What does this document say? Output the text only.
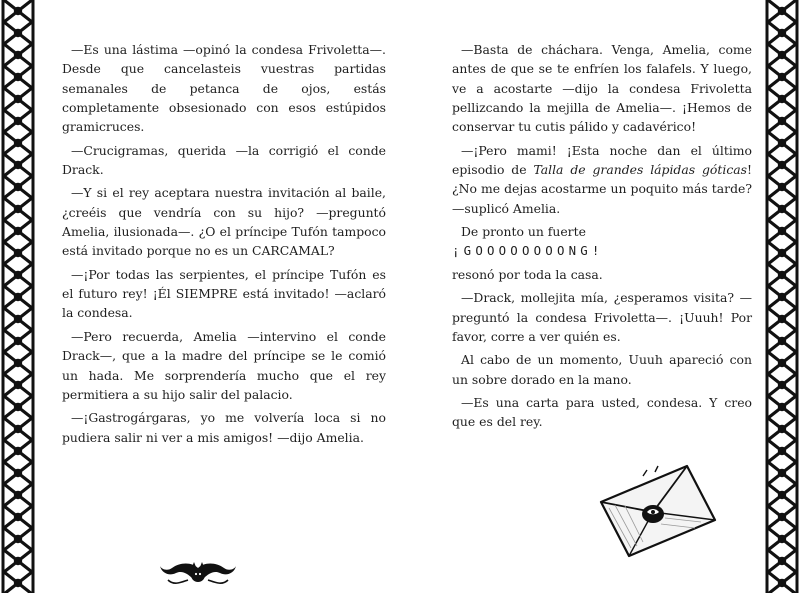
—Es una lástima —opinó la condesa Frivoletta—. Desde que cancelasteis vuestras partidas semanales de petanca de ojos, estás completamente obsesionado con esos estúpidos gramicruces.

—Crucigramas, querida —la corrigió el conde Drack.

—Y si el rey aceptara nuestra invitación al baile, ¿creéis que vendría con su hijo? —preguntó Amelia, ilusionada—. ¿O el príncipe Tufón tampoco está invitado porque no es un CARCAMAL?

—¡Por todas las serpientes, el príncipe Tufón es el futuro rey! ¡Él SIEMPRE está invitado! —aclaró la condesa.

—Pero recuerda, Amelia —intervino el conde Drack—, que a la madre del príncipe se le comió un hada. Me sorprendería mucho que el rey permitiera a su hijo salir del palacio.

—¡Gastrogárgaras, yo me volvería loca si no pudiera salir ni ver a mis amigos! —dijo Amelia.

—Basta de cháchara. Venga, Amelia, come antes de que se te enfríen los falafels. Y luego, ve a acostarte —dijo la condesa Frivoletta pellizcando la mejilla de Amelia—. ¡Hemos de conservar tu cutis pálido y cadavérico!

—¡Pero mami! ¡Esta noche dan el último episodio de Talla de grandes lápidas góticas! ¿No me dejas acostarme un poquito más tarde? —suplicó Amelia.

De pronto un fuerte

¡GOOOOOOOONG!

resonó por toda la casa.

—Drack, mollejita mía, ¿esperamos visita? —preguntó la condesa Frivoletta—. ¡Uuuh! Por favor, corre a ver quién es.

Al cabo de un momento, Uuuh apareció con un sobre dorado en la mano.

—Es una carta para usted, condesa. Y creo que es del rey.
